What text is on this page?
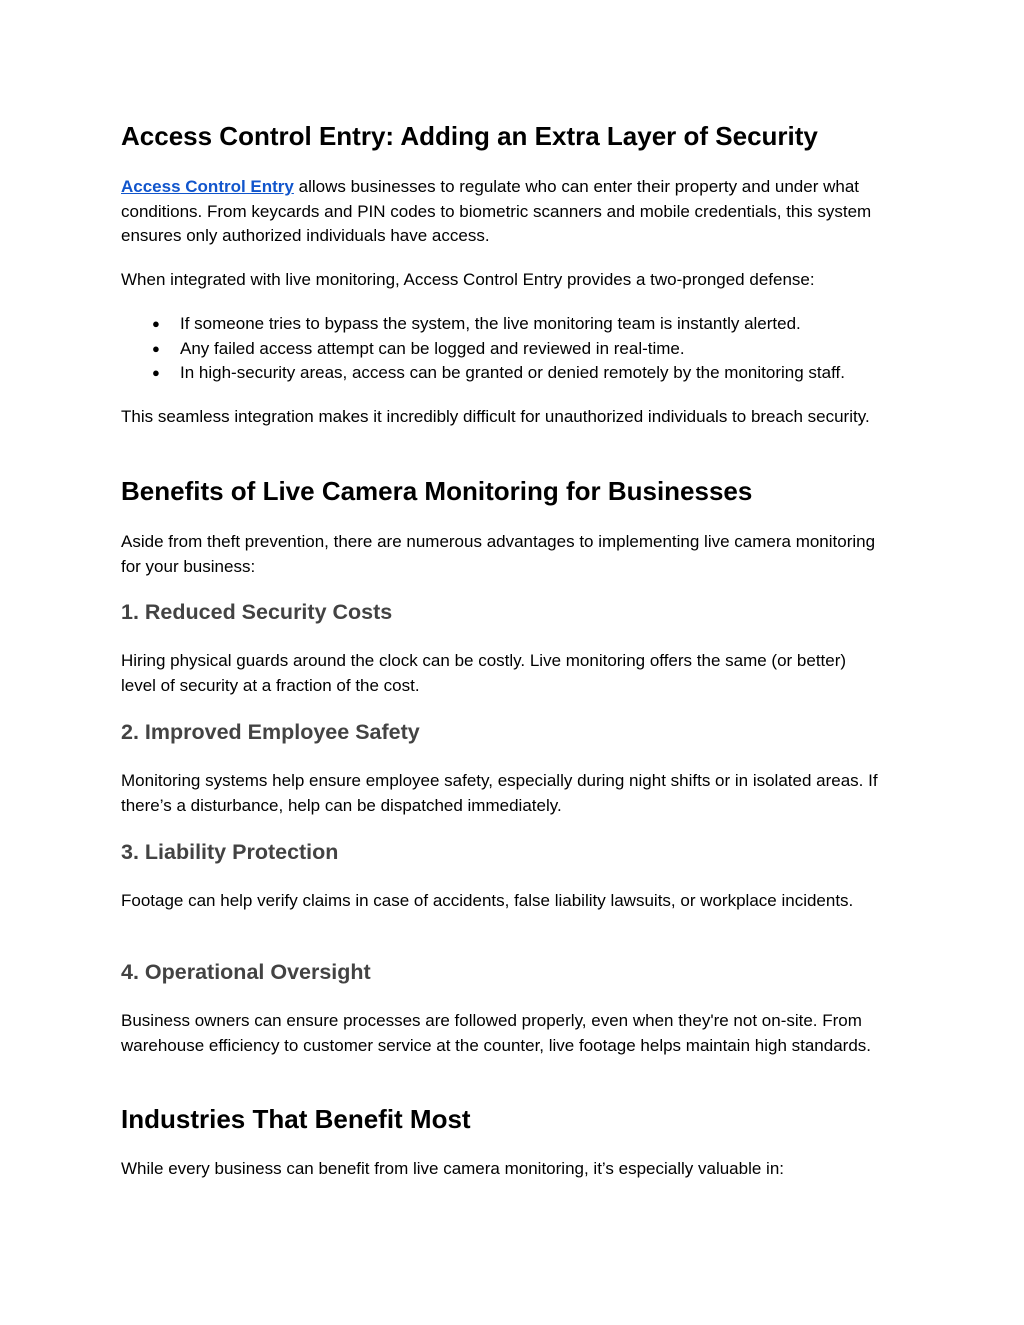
Access Control Entry: Adding an Extra Layer of Security
Access Control Entry allows businesses to regulate who can enter their property and under what conditions. From keycards and PIN codes to biometric scanners and mobile credentials, this system ensures only authorized individuals have access.
When integrated with live monitoring, Access Control Entry provides a two-pronged defense:
● If someone tries to bypass the system, the live monitoring team is instantly alerted.
● Any failed access attempt can be logged and reviewed in real-time.
● In high-security areas, access can be granted or denied remotely by the monitoring staff.
This seamless integration makes it incredibly difficult for unauthorized individuals to breach security.
Benefits of Live Camera Monitoring for Businesses
Aside from theft prevention, there are numerous advantages to implementing live camera monitoring for your business:
1. Reduced Security Costs
Hiring physical guards around the clock can be costly. Live monitoring offers the same (or better) level of security at a fraction of the cost.
2. Improved Employee Safety
Monitoring systems help ensure employee safety, especially during night shifts or in isolated areas. If there’s a disturbance, help can be dispatched immediately.
3. Liability Protection
Footage can help verify claims in case of accidents, false liability lawsuits, or workplace incidents.
4. Operational Oversight
Business owners can ensure processes are followed properly, even when they're not on-site. From warehouse efficiency to customer service at the counter, live footage helps maintain high standards.
Industries That Benefit Most
While every business can benefit from live camera monitoring, it’s especially valuable in:
